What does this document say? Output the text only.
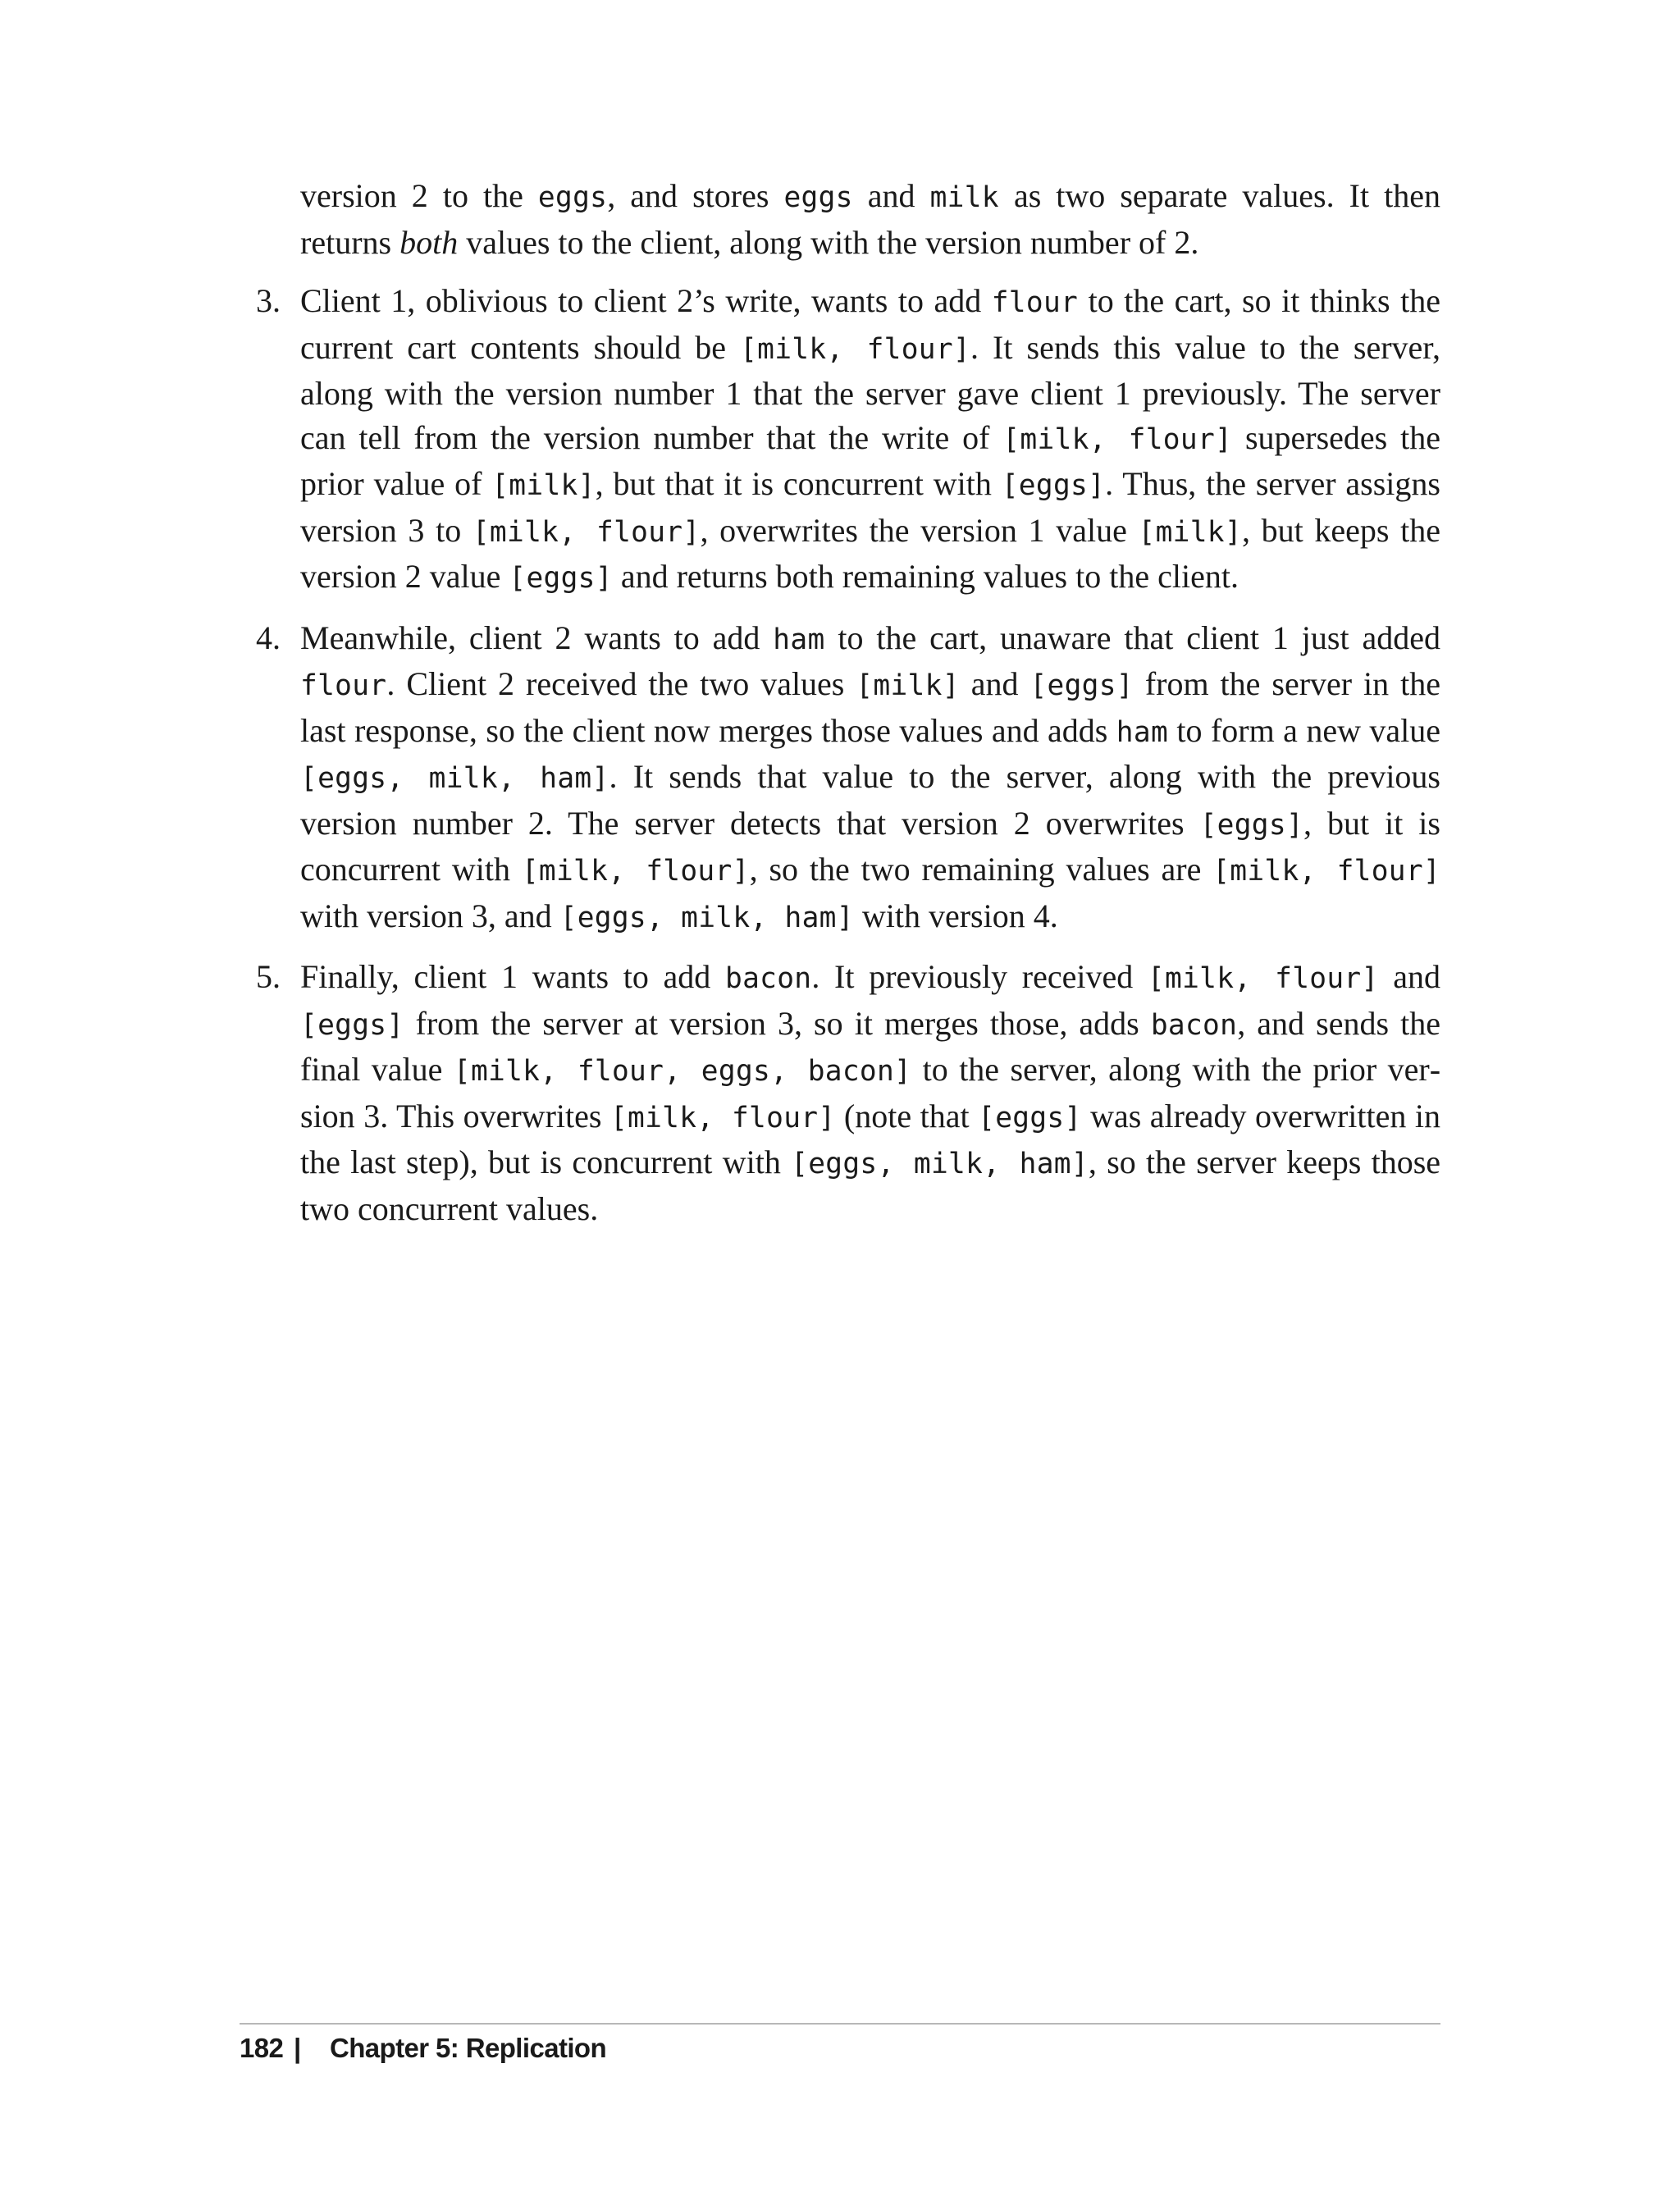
version 2 to the eggs, and stores eggs and milk as two separate values. It then returns both values to the client, along with the version number of 2.

3. Client 1, oblivious to client 2’s write, wants to add flour to the cart, so it thinks the current cart contents should be [milk, flour]. It sends this value to the server, along with the version number 1 that the server gave client 1 previously. The server can tell from the version number that the write of [milk, flour] supersedes the prior value of [milk], but that it is concurrent with [eggs]. Thus, the server assigns version 3 to [milk, flour], overwrites the version 1 value [milk], but keeps the version 2 value [eggs] and returns both remaining values to the client.
4. Meanwhile, client 2 wants to add ham to the cart, unaware that client 1 just added flour. Client 2 received the two values [milk] and [eggs] from the server in the last response, so the client now merges those values and adds ham to form a new value [eggs, milk, ham]. It sends that value to the server, along with the previous version number 2. The server detects that version 2 overwrites [eggs], but it is concurrent with [milk, flour], so the two remaining values are [milk, flour] with version 3, and [eggs, milk, ham] with version 4.
5. Finally, client 1 wants to add bacon. It previously received [milk, flour] and [eggs] from the server at version 3, so it merges those, adds bacon, and sends the final value [milk, flour, eggs, bacon] to the server, along with the prior version 3. This overwrites [milk, flour] (note that [eggs] was already overwritten in the last step), but is concurrent with [eggs, milk, ham], so the server keeps those two concurrent values.
182 | Chapter 5: Replication
